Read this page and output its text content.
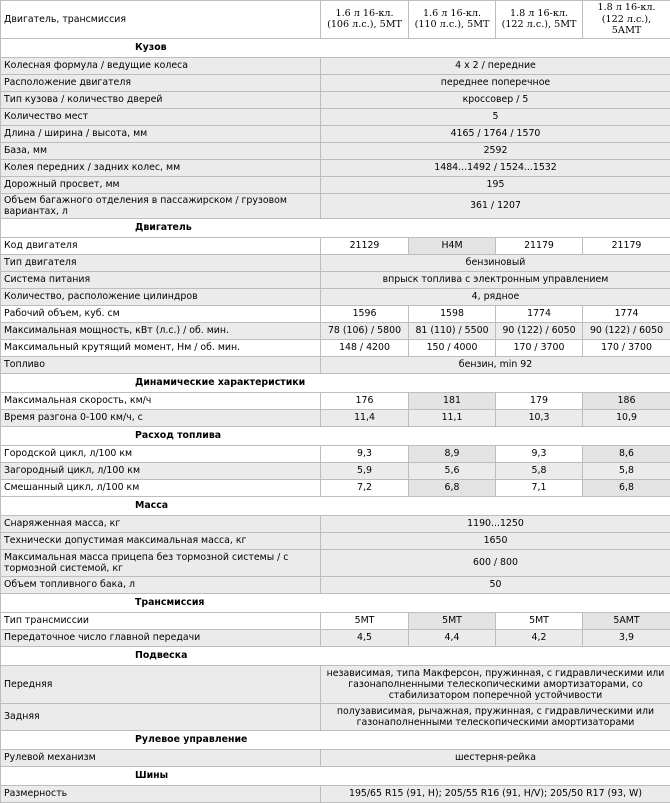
Двигатель, трансмиссия	1.6 л 16-кл. (106 л.с.), 5МТ	1.6 л 16-кл. (110 л.с.), 5МТ	1.8 л 16-кл. (122 л.с.), 5МТ	1.8 л 16-кл. (122 л.с.), 5АМТ
Кузов				
Колесная формула / ведущие колеса	4 x 2 / передние			
Расположение двигателя	переднее поперечное			
Тип кузова / количество дверей	кроссовер / 5			
Количество мест	5			
Длина / ширина / высота, мм	4165 / 1764 / 1570			
База, мм	2592			
Колея передних / задних колес, мм	1484...1492 / 1524...1532			
Дорожный просвет, мм	195			
Объем багажного отделения в пассажирском / грузовом вариантах, л	361 / 1207			
Двигатель				
Код двигателя	21129	H4M	21179	21179
Тип двигателя	бензиновый			
Система питания	впрыск топлива с электронным управлением			
Количество, расположение цилиндров	4, рядное			
Рабочий объем, куб. см	1596	1598	1774	1774
Максимальная мощность, кВт (л.с.) / об. мин.	78 (106) / 5800	81 (110) / 5500	90 (122) / 6050	90 (122) / 6050
Максимальный крутящий момент, Нм / об. мин.	148 / 4200	150 / 4000	170 / 3700	170 / 3700
Топливо	бензин, min 92			
Динамические характеристики				
Максимальная скорость, км/ч	176	181	179	186
Время разгона 0-100 км/ч, с	11,4	11,1	10,3	10,9
Расход топлива				
Городской цикл, л/100 км	9,3	8,9	9,3	8,6
Загородный цикл, л/100 км	5,9	5,6	5,8	5,8
Смешанный цикл, л/100 км	7,2	6,8	7,1	6,8
Масса				
Снаряженная масса, кг	1190...1250			
Технически допустимая максимальная масса, кг	1650			
Максимальная масса прицепа без тормозной системы / с тормозной системой, кг	600 / 800			
Объем топливного бака, л	50			
Трансмиссия				
Тип трансмиссии	5МТ	5МТ	5МТ	5АМТ
Передаточное число главной передачи	4,5	4,4	4,2	3,9
Подвеска				
Передняя	независимая, типа Макферсон, пружинная, с гидравлическими или газонаполненными телескопическими амортизаторами, со стабилизатором поперечной устойчивости			
Задняя	полузависимая, рычажная, пружинная, с гидравлическими или газонаполненными телескопическими амортизаторами			
Рулевое управление				
Рулевой механизм	шестерня-рейка			
Шины				
Размерность	195/65 R15 (91, H); 205/55 R16 (91, H/V); 205/50 R17 (93, W)			
